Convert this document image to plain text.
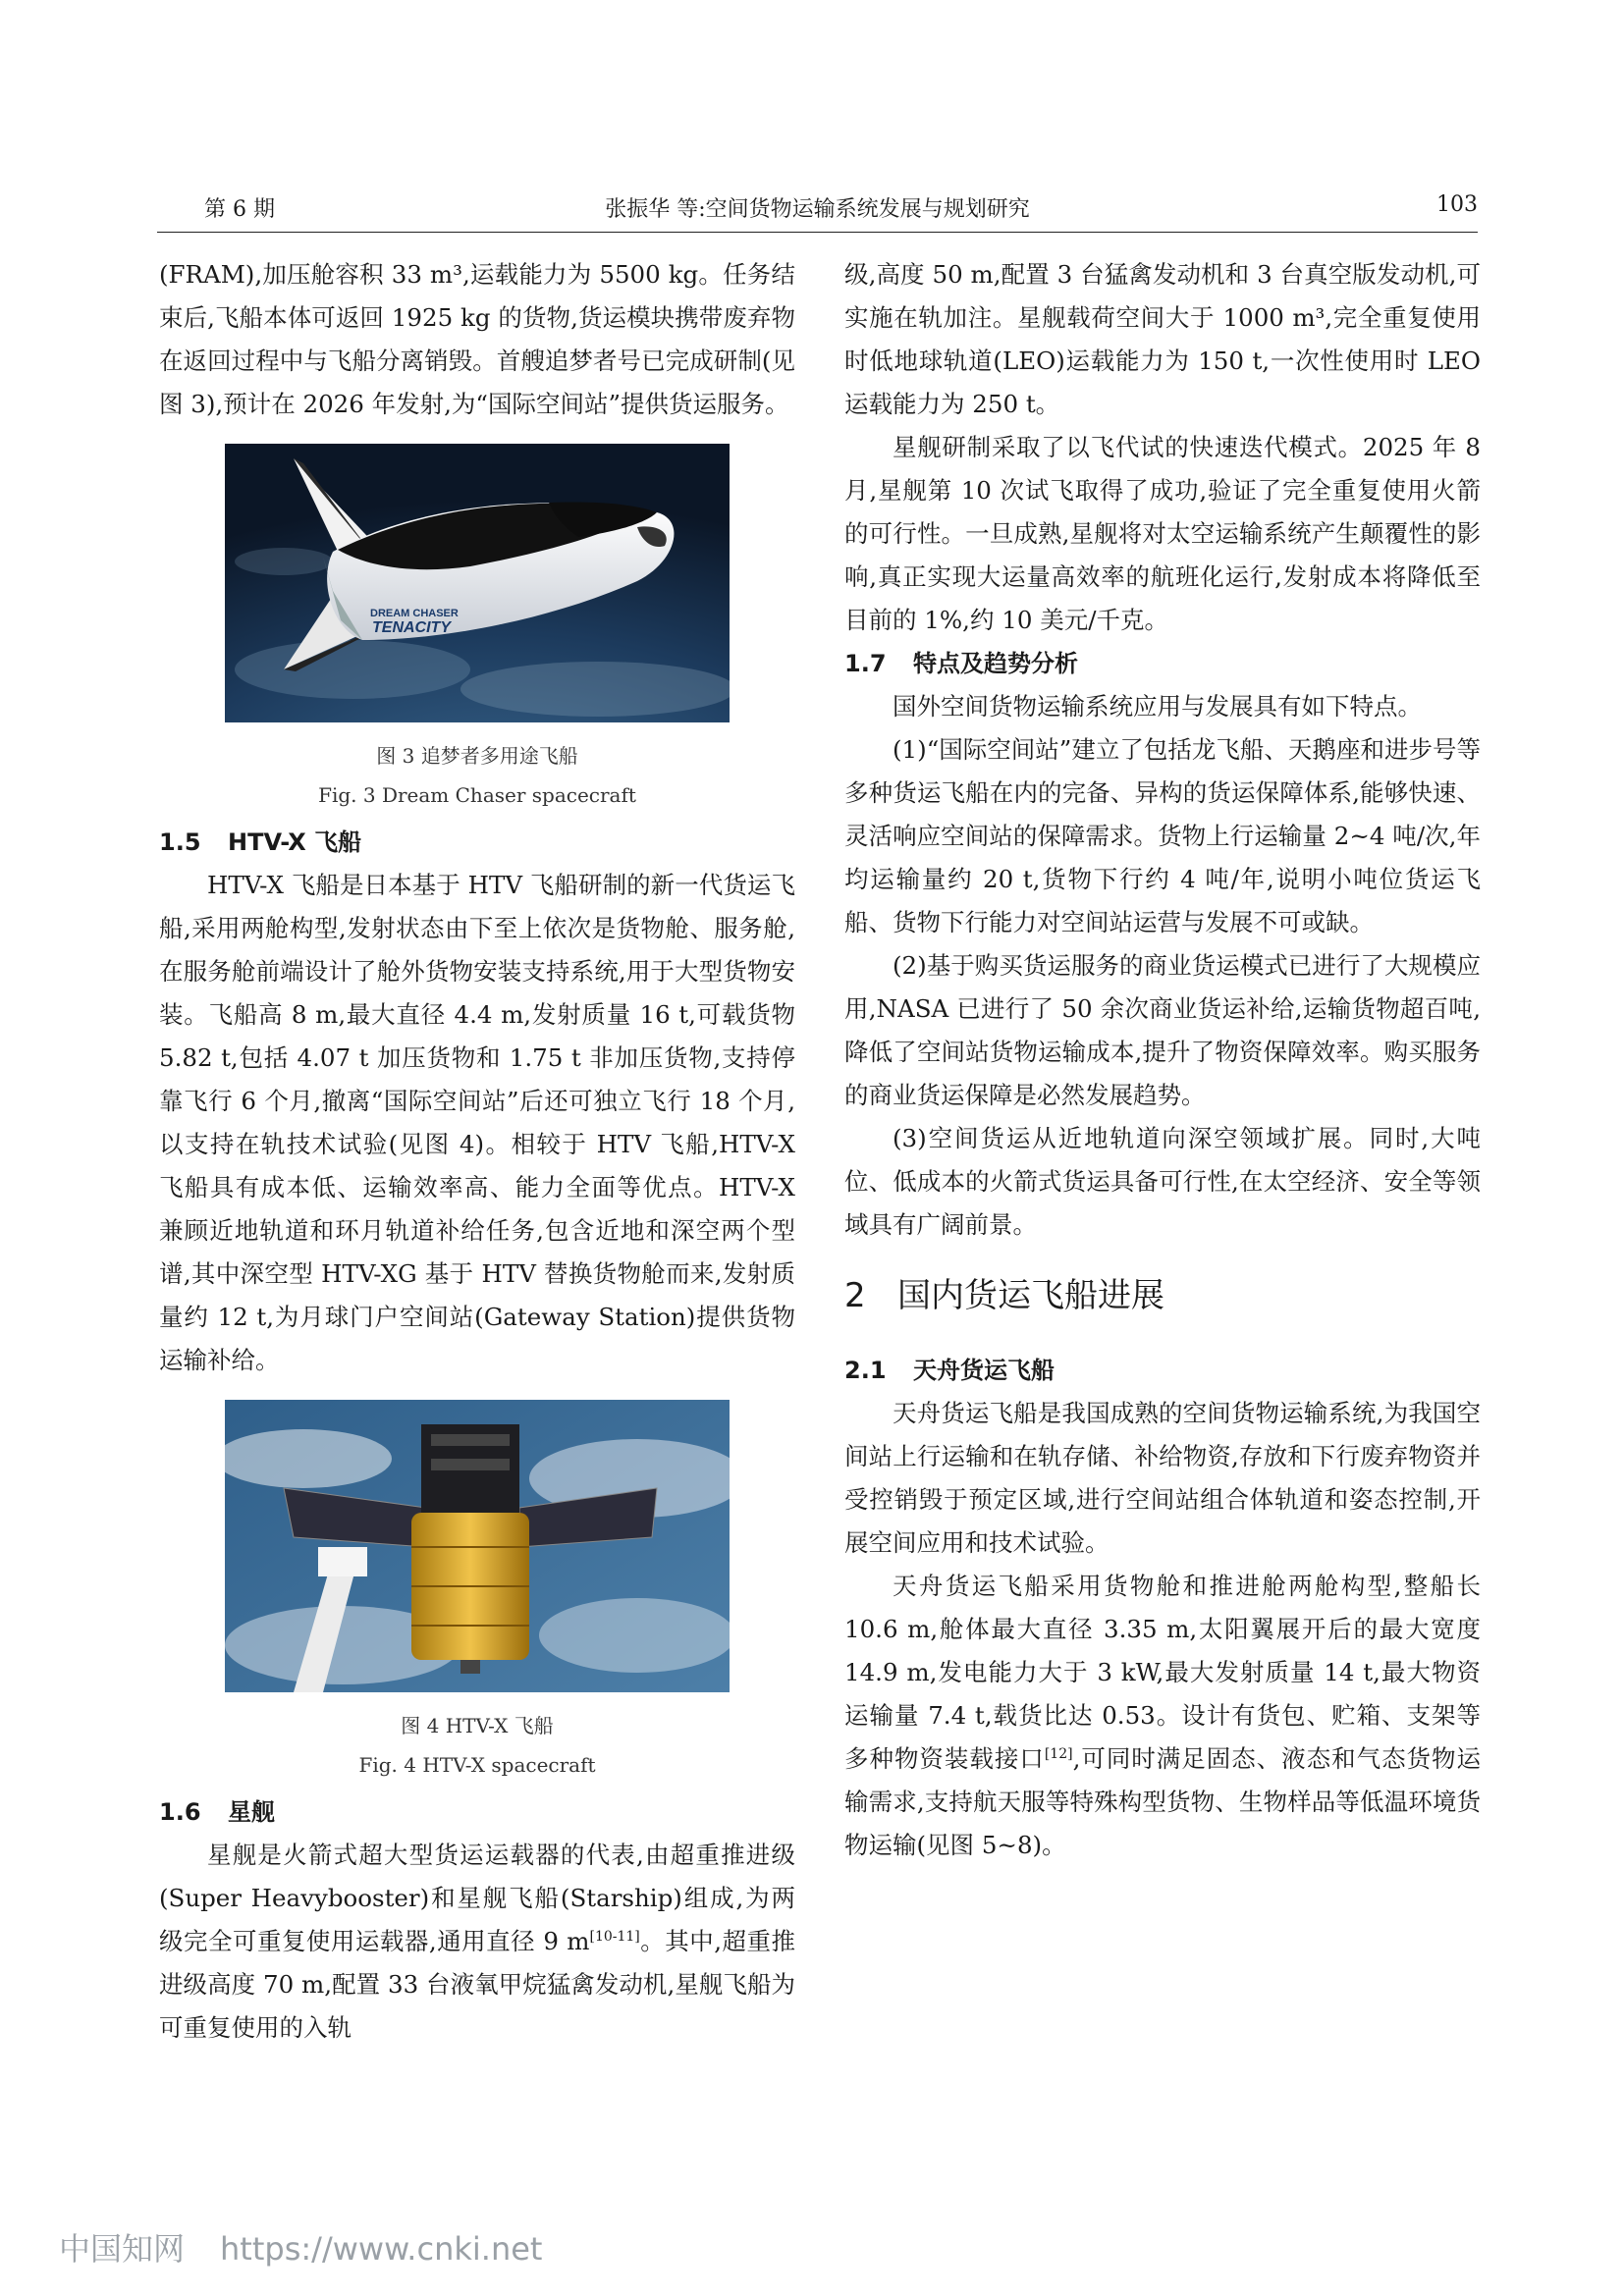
第 6 期	张振华 等:空间货物运输系统发展与规划研究	103

(FRAM),加压舱容积 33 m³,运载能力为 5500 kg。任务结束后,飞船本体可返回 1925 kg 的货物,货运模块携带废弃物在返回过程中与飞船分离销毁。首艘追梦者号已完成研制(见图 3),预计在 2026 年发射,为“国际空间站”提供货运服务。

DREAM CHASER
TENACITY
图 3 追梦者多用途飞船
Fig. 3 Dream Chaser spacecraft
1.5 HTV-X 飞船

HTV-X 飞船是日本基于 HTV 飞船研制的新一代货运飞船,采用两舱构型,发射状态由下至上依次是货物舱、服务舱,在服务舱前端设计了舱外货物安装支持系统,用于大型货物安装。飞船高 8 m,最大直径 4.4 m,发射质量 16 t,可载货物 5.82 t,包括 4.07 t 加压货物和 1.75 t 非加压货物,支持停靠飞行 6 个月,撤离“国际空间站”后还可独立飞行 18 个月,以支持在轨技术试验(见图 4)。相较于 HTV 飞船,HTV-X 飞船具有成本低、运输效率高、能力全面等优点。HTV-X 兼顾近地轨道和环月轨道补给任务,包含近地和深空两个型谱,其中深空型 HTV-XG 基于 HTV 替换货物舱而来,发射质量约 12 t,为月球门户空间站(Gateway Station)提供货物运输补给。

图 4 HTV-X 飞船
Fig. 4 HTV-X spacecraft
1.6 星舰

星舰是火箭式超大型货运运载器的代表,由超重推进级(Super Heavybooster)和星舰飞船(Starship)组成,为两级完全可重复使用运载器,通用直径 9 m[10-11]。其中,超重推进级高度 70 m,配置 33 台液氧甲烷猛禽发动机,星舰飞船为可重复使用的入轨

级,高度 50 m,配置 3 台猛禽发动机和 3 台真空版发动机,可实施在轨加注。星舰载荷空间大于 1000 m³,完全重复使用时低地球轨道(LEO)运载能力为 150 t,一次性使用时 LEO 运载能力为 250 t。

星舰研制采取了以飞代试的快速迭代模式。2025 年 8 月,星舰第 10 次试飞取得了成功,验证了完全重复使用火箭的可行性。一旦成熟,星舰将对太空运输系统产生颠覆性的影响,真正实现大运量高效率的航班化运行,发射成本将降低至目前的 1%,约 10 美元/千克。

1.7 特点及趋势分析

国外空间货物运输系统应用与发展具有如下特点。

(1)“国际空间站”建立了包括龙飞船、天鹅座和进步号等多种货运飞船在内的完备、异构的货运保障体系,能够快速、灵活响应空间站的保障需求。货物上行运输量 2~4 吨/次,年均运输量约 20 t,货物下行约 4 吨/年,说明小吨位货运飞船、货物下行能力对空间站运营与发展不可或缺。

(2)基于购买货运服务的商业货运模式已进行了大规模应用,NASA 已进行了 50 余次商业货运补给,运输货物超百吨,降低了空间站货物运输成本,提升了物资保障效率。购买服务的商业货运保障是必然发展趋势。

(3)空间货运从近地轨道向深空领域扩展。同时,大吨位、低成本的火箭式货运具备可行性,在太空经济、安全等领域具有广阔前景。

2 国内货运飞船进展
2.1 天舟货运飞船

天舟货运飞船是我国成熟的空间货物运输系统,为我国空间站上行运输和在轨存储、补给物资,存放和下行废弃物资并受控销毁于预定区域,进行空间站组合体轨道和姿态控制,开展空间应用和技术试验。

天舟货运飞船采用货物舱和推进舱两舱构型,整船长 10.6 m,舱体最大直径 3.35 m,太阳翼展开后的最大宽度 14.9 m,发电能力大于 3 kW,最大发射质量 14 t,最大物资运输量 7.4 t,载货比达 0.53。设计有货包、贮箱、支架等多种物资装载接口[12],可同时满足固态、液态和气态货物运输需求,支持航天服等特殊构型货物、生物样品等低温环境货物运输(见图 5~8)。

中国知网 https://www.cnki.net
